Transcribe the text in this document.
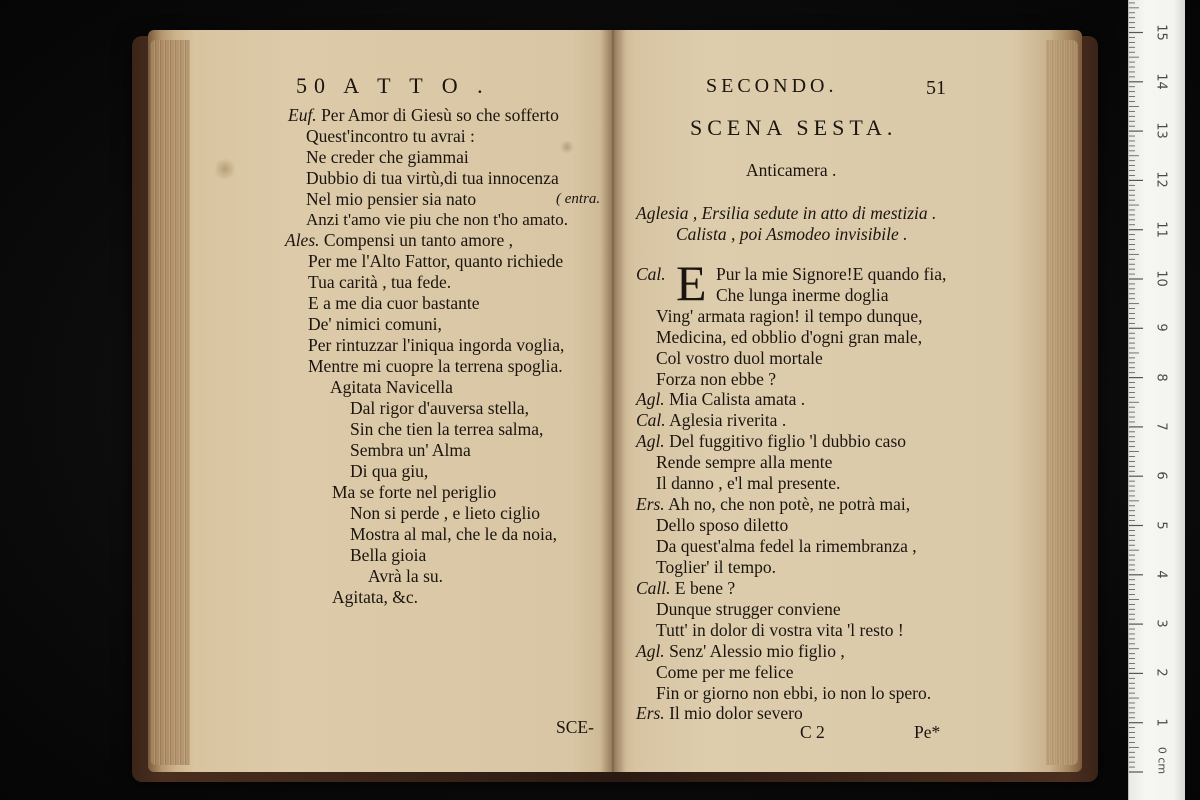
50 A T T O .
Euf. Per Amor di Giesù so che sofferto
Quest'incontro tu avrai :
Ne creder che giammai
Dubbio di tua virtù,di tua innocenza
Nel mio pensier sia nato	( entra.
Anzi t'amo vie piu che non t'ho amato.
Ales. Compensi un tanto amore ,
Per me l'Alto Fattor, quanto richiede
Tua carità , tua fede.
E a me dia cuor bastante
De' nimici comuni,
Per rintuzzar l'iniqua ingorda voglia,
Mentre mi cuopre la terrena spoglia.
Agitata Navicella
Dal rigor d'auversa stella,
Sin che tien la terrea salma,
Sembra un' Alma
Di qua giu,
Ma se forte nel periglio
Non si perde , e lieto ciglio
Mostra al mal, che le da noia,
Bella gioia
Avrà la su.
Agitata, &c.
SCE-
SECONDO.	51
SCENA SESTA.
Anticamera .
Aglesia , Ersilia sedute in atto di mestizia .
Calista , poi Asmodeo invisibile .
E
Cal.	Pur la mie Signore!E quando fia,
Che lunga inerme doglia
Ving' armata ragion! il tempo dunque,
Medicina, ed obblio d'ogni gran male,
Col vostro duol mortale
Forza non ebbe ?
Agl. Mia Calista amata .
Cal. Aglesia riverita .
Agl. Del fuggitivo figlio 'l dubbio caso
Rende sempre alla mente
Il danno , e'l mal presente.
Ers. Ah no, che non potè, ne potrà mai,
Dello sposo diletto
Da quest'alma fedel la rimembranza ,
Toglier' il tempo.
Call. E bene ?
Dunque strugger conviene
Tutt' in dolor di vostra vita 'l resto !
Agl. Senz' Alessio mio figlio ,
Come per me felice
Fin or giorno non ebbi, io non lo spero.
Ers. Il mio dolor severo
C 2	Pe*
0 cm
1
2
3
4
5
6
7
8
9
10
11
12
13
14
15
